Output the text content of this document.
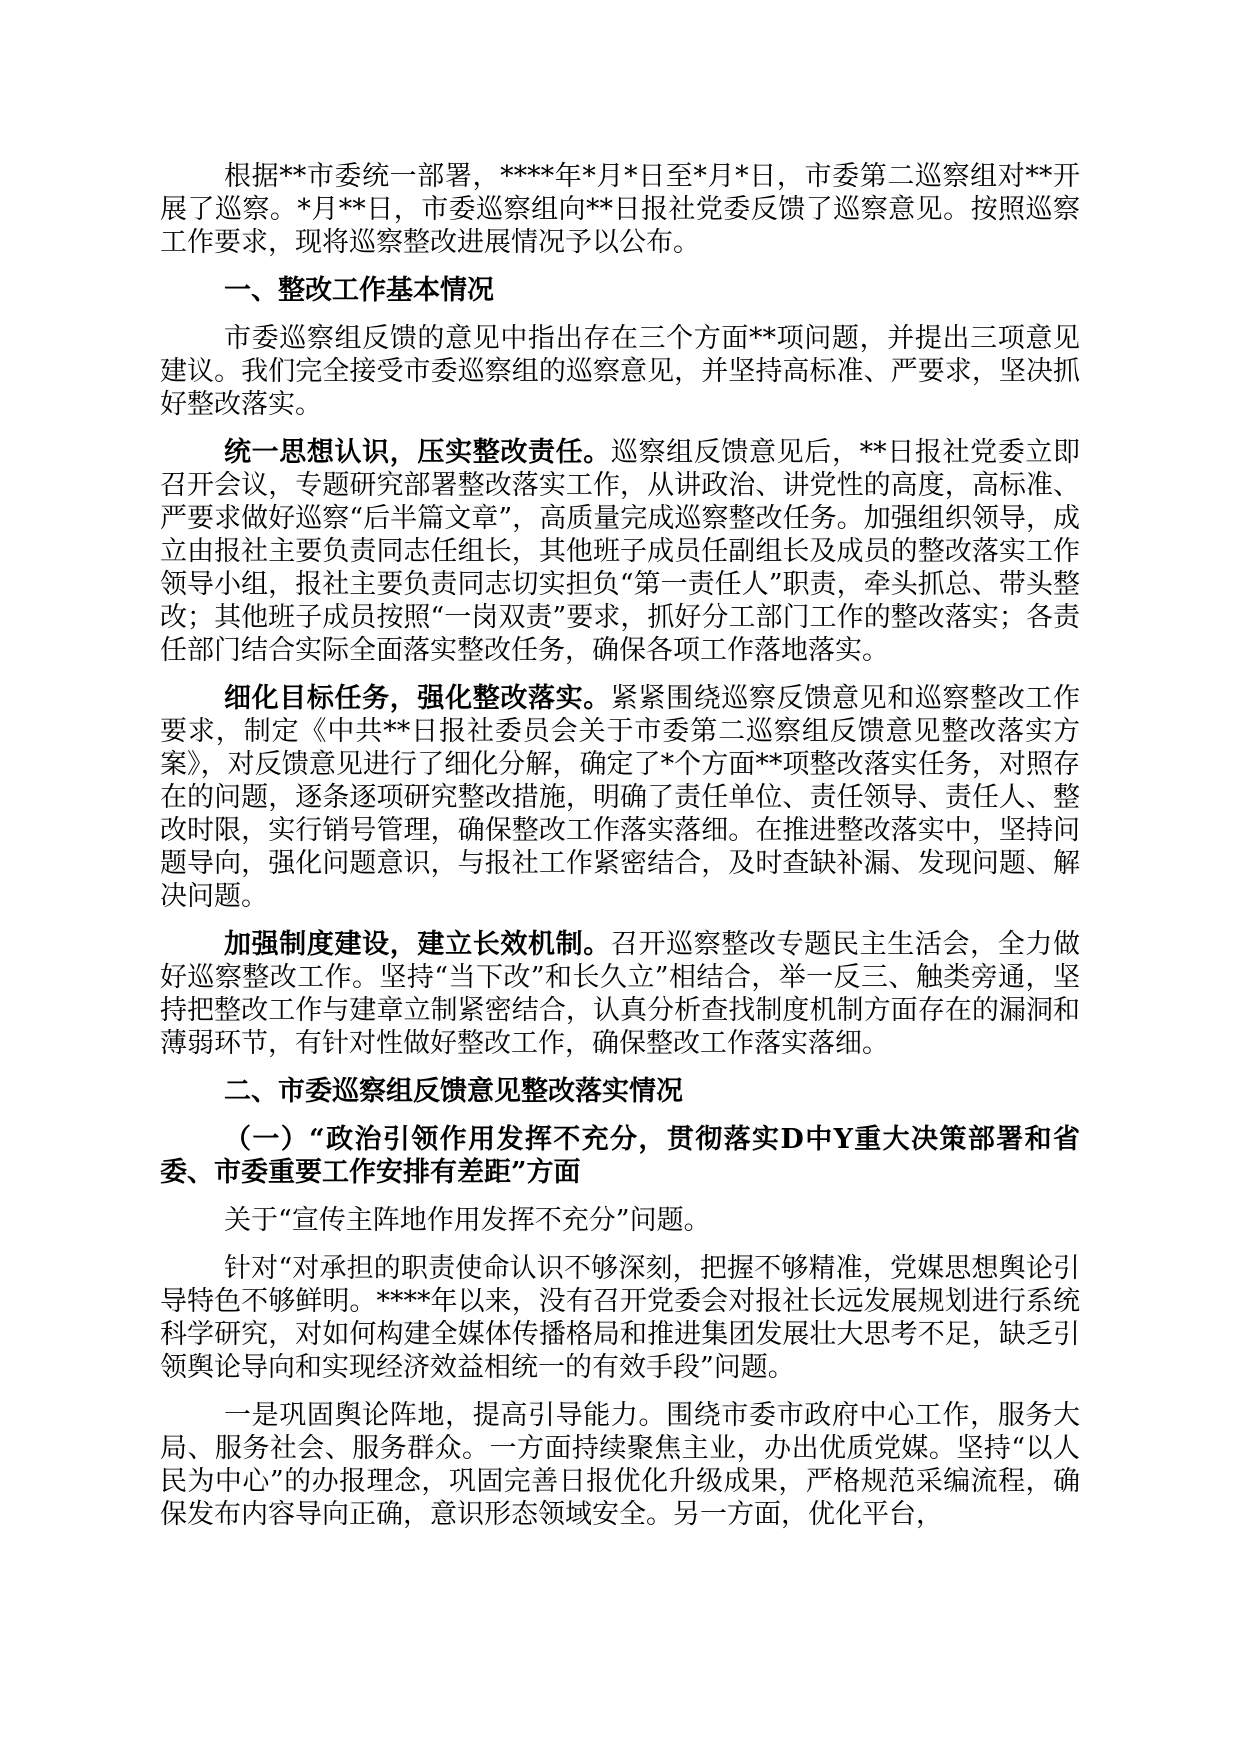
根据**市委统一部署，****年*月*日至*月*日，市委第二巡察组对**开展了巡察。*月**日，市委巡察组向**日报社党委反馈了巡察意见。按照巡察工作要求，现将巡察整改进展情况予以公布。

一、整改工作基本情况

市委巡察组反馈的意见中指出存在三个方面**项问题，并提出三项意见建议。我们完全接受市委巡察组的巡察意见，并坚持高标准、严要求，坚决抓好整改落实。

统一思想认识，压实整改责任。巡察组反馈意见后，**日报社党委立即召开会议，专题研究部署整改落实工作，从讲政治、讲党性的高度，高标准、严要求做好巡察“后半篇文章”，高质量完成巡察整改任务。加强组织领导，成立由报社主要负责同志任组长，其他班子成员任副组长及成员的整改落实工作领导小组，报社主要负责同志切实担负“第一责任人”职责，牵头抓总、带头整改；其他班子成员按照“一岗双责”要求，抓好分工部门工作的整改落实；各责任部门结合实际全面落实整改任务，确保各项工作落地落实。

细化目标任务，强化整改落实。紧紧围绕巡察反馈意见和巡察整改工作要求，制定《中共**日报社委员会关于市委第二巡察组反馈意见整改落实方案》，对反馈意见进行了细化分解，确定了*个方面**项整改落实任务，对照存在的问题，逐条逐项研究整改措施，明确了责任单位、责任领导、责任人、整改时限，实行销号管理，确保整改工作落实落细。在推进整改落实中，坚持问题导向，强化问题意识，与报社工作紧密结合，及时查缺补漏、发现问题、解决问题。

加强制度建设，建立长效机制。召开巡察整改专题民主生活会，全力做好巡察整改工作。坚持“当下改”和长久立”相结合，举一反三、触类旁通，坚持把整改工作与建章立制紧密结合，认真分析查找制度机制方面存在的漏洞和薄弱环节，有针对性做好整改工作，确保整改工作落实落细。

二、市委巡察组反馈意见整改落实情况

（一）“政治引领作用发挥不充分，贯彻落实D中Y重大决策部署和省委、市委重要工作安排有差距”方面

关于“宣传主阵地作用发挥不充分”问题。

针对“对承担的职责使命认识不够深刻，把握不够精准，党媒思想舆论引导特色不够鲜明。****年以来，没有召开党委会对报社长远发展规划进行系统科学研究，对如何构建全媒体传播格局和推进集团发展壮大思考不足，缺乏引领舆论导向和实现经济效益相统一的有效手段”问题。

一是巩固舆论阵地，提高引导能力。围绕市委市政府中心工作，服务大局、服务社会、服务群众。一方面持续聚焦主业，办出优质党媒。坚持“以人民为中心”的办报理念，巩固完善日报优化升级成果，严格规范采编流程，确保发布内容导向正确，意识形态领域安全。另一方面，优化平台，
